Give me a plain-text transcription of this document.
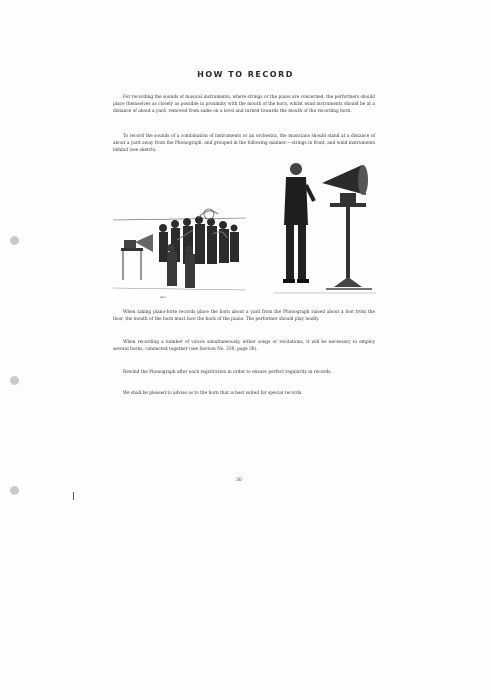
HOW TO RECORD

For recording the sounds of musical instruments, where strings or the piano are concerned, the performers should place themselves as closely as possible in proximity with the mouth of the horn, whilst wind instruments should be at a distance of about a yard, removed from same on a level and turned towards the mouth of the recording horn.

To record the sounds of a combination of instruments or an orchestra, the musicians should stand at a distance of about a yard away from the Phonograph, and grouped in the following manner:—strings in front, and wind instruments behind (see sketch).

after

When taking piano-forte records place the horn about a yard from the Phonograph raised about a foot from the floor, the mouth of the horn must face the back of the piano. The performer should play loudly.

When recording a number of voices simultaneously, either songs or recitations, it will be necessary to employ several horns, connected together (see Section No. 330, page 30).

Rewind the Phonograph after each registration in order to ensure perfect regularity in records.

We shall be pleased to advise as to the horn that is best suited for special records.

30
